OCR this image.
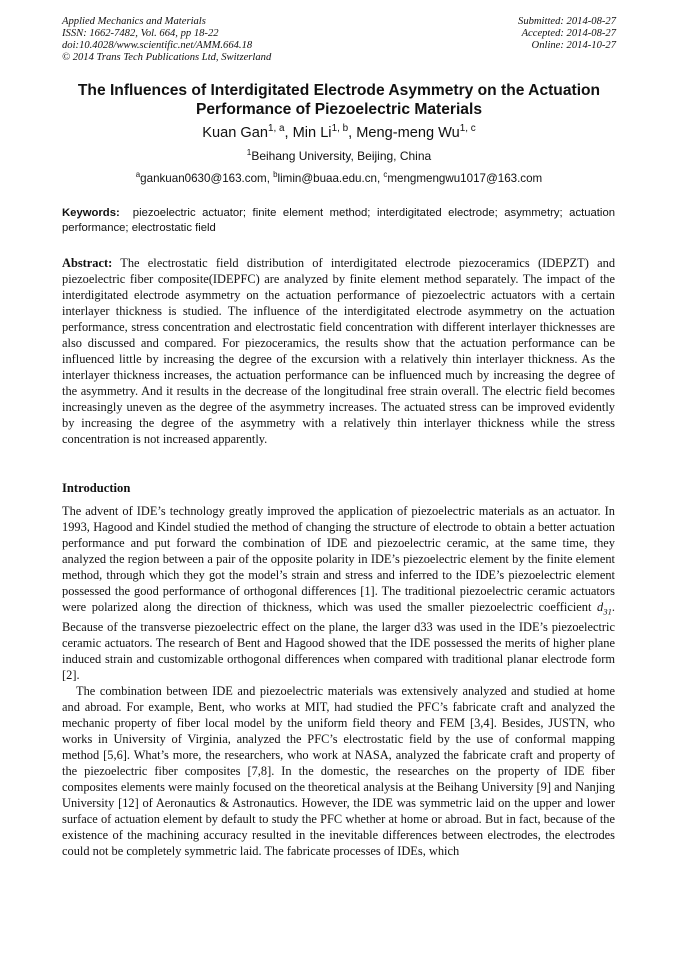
Applied Mechanics and Materials
ISSN: 1662-7482, Vol. 664, pp 18-22
doi:10.4028/www.scientific.net/AMM.664.18
© 2014 Trans Tech Publications Ltd, Switzerland
Submitted: 2014-08-27
Accepted: 2014-08-27
Online: 2014-10-27
The Influences of Interdigitated Electrode Asymmetry on the Actuation Performance of Piezoelectric Materials
Kuan Gan$^{1, a}$, Min Li$^{1, b}$, Meng-meng Wu$^{1, c}$
$^1$Beihang University, Beijing, China
$^a$gankuan0630@163.com, $^b$limin@buaa.edu.cn, $^c$mengmengwu1017@163.com
Keywords: piezoelectric actuator; finite element method; interdigitated electrode; asymmetry; actuation performance; electrostatic field

Abstract: The electrostatic field distribution of interdigitated electrode piezoceramics (IDEPZT) and piezoelectric fiber composite(IDEPFC) are analyzed by finite element method separately. The impact of the interdigitated electrode asymmetry on the actuation performance of piezoelectric actuators with a certain interlayer thickness is studied. The influence of the interdigitated electrode asymmetry on the actuation performance, stress concentration and electrostatic field concentration with different interlayer thicknesses are also discussed and compared. For piezoceramics, the results show that the actuation performance can be influenced little by increasing the degree of the excursion with a relatively thin interlayer thickness. As the interlayer thickness increases, the actuation performance can be influenced much by increasing the degree of the asymmetry. And it results in the decrease of the longitudinal free strain overall. The electric field becomes increasingly uneven as the degree of the asymmetry increases. The actuated stress can be improved evidently by increasing the degree of the asymmetry with a relatively thin interlayer thickness while the stress concentration is not increased apparently.

Introduction

The advent of IDE’s technology greatly improved the application of piezoelectric materials as an actuator. In 1993, Hagood and Kindel studied the method of changing the structure of electrode to obtain a better actuation performance and put forward the combination of IDE and piezoelectric ceramic, at the same time, they analyzed the region between a pair of the opposite polarity in IDE’s piezoelectric element by the finite element method, through which they got the model’s strain and stress and inferred to the IDE’s piezoelectric element possessed the good performance of orthogonal differences [1]. The traditional piezoelectric ceramic actuators were polarized along the direction of thickness, which was used the smaller piezoelectric coefficient $d_{31}$. Because of the transverse piezoelectric effect on the plane, the larger d33 was used in the IDE’s piezoelectric ceramic actuators. The research of Bent and Hagood showed that the IDE possessed the merits of higher plane induced strain and customizable orthogonal differences when compared with traditional planar electrode form [2].

The combination between IDE and piezoelectric materials was extensively analyzed and studied at home and abroad. For example, Bent, who works at MIT, had studied the PFC’s fabricate craft and analyzed the mechanic property of fiber local model by the uniform field theory and FEM [3,4]. Besides, JUSTN, who works in University of Virginia, analyzed the PFC’s electrostatic field by the use of conformal mapping method [5,6]. What’s more, the researchers, who work at NASA, analyzed the fabricate craft and property of the piezoelectric fiber composites [7,8]. In the domestic, the researches on the property of IDE fiber composites elements were mainly focused on the theoretical analysis at the Beihang University [9] and Nanjing University [12] of Aeronautics & Astronautics. However, the IDE was symmetric laid on the upper and lower surface of actuation element by default to study the PFC whether at home or abroad. But in fact, because of the existence of the machining accuracy resulted in the inevitable differences between electrodes, the electrodes could not be completely symmetric laid. The fabricate processes of IDEs, which
